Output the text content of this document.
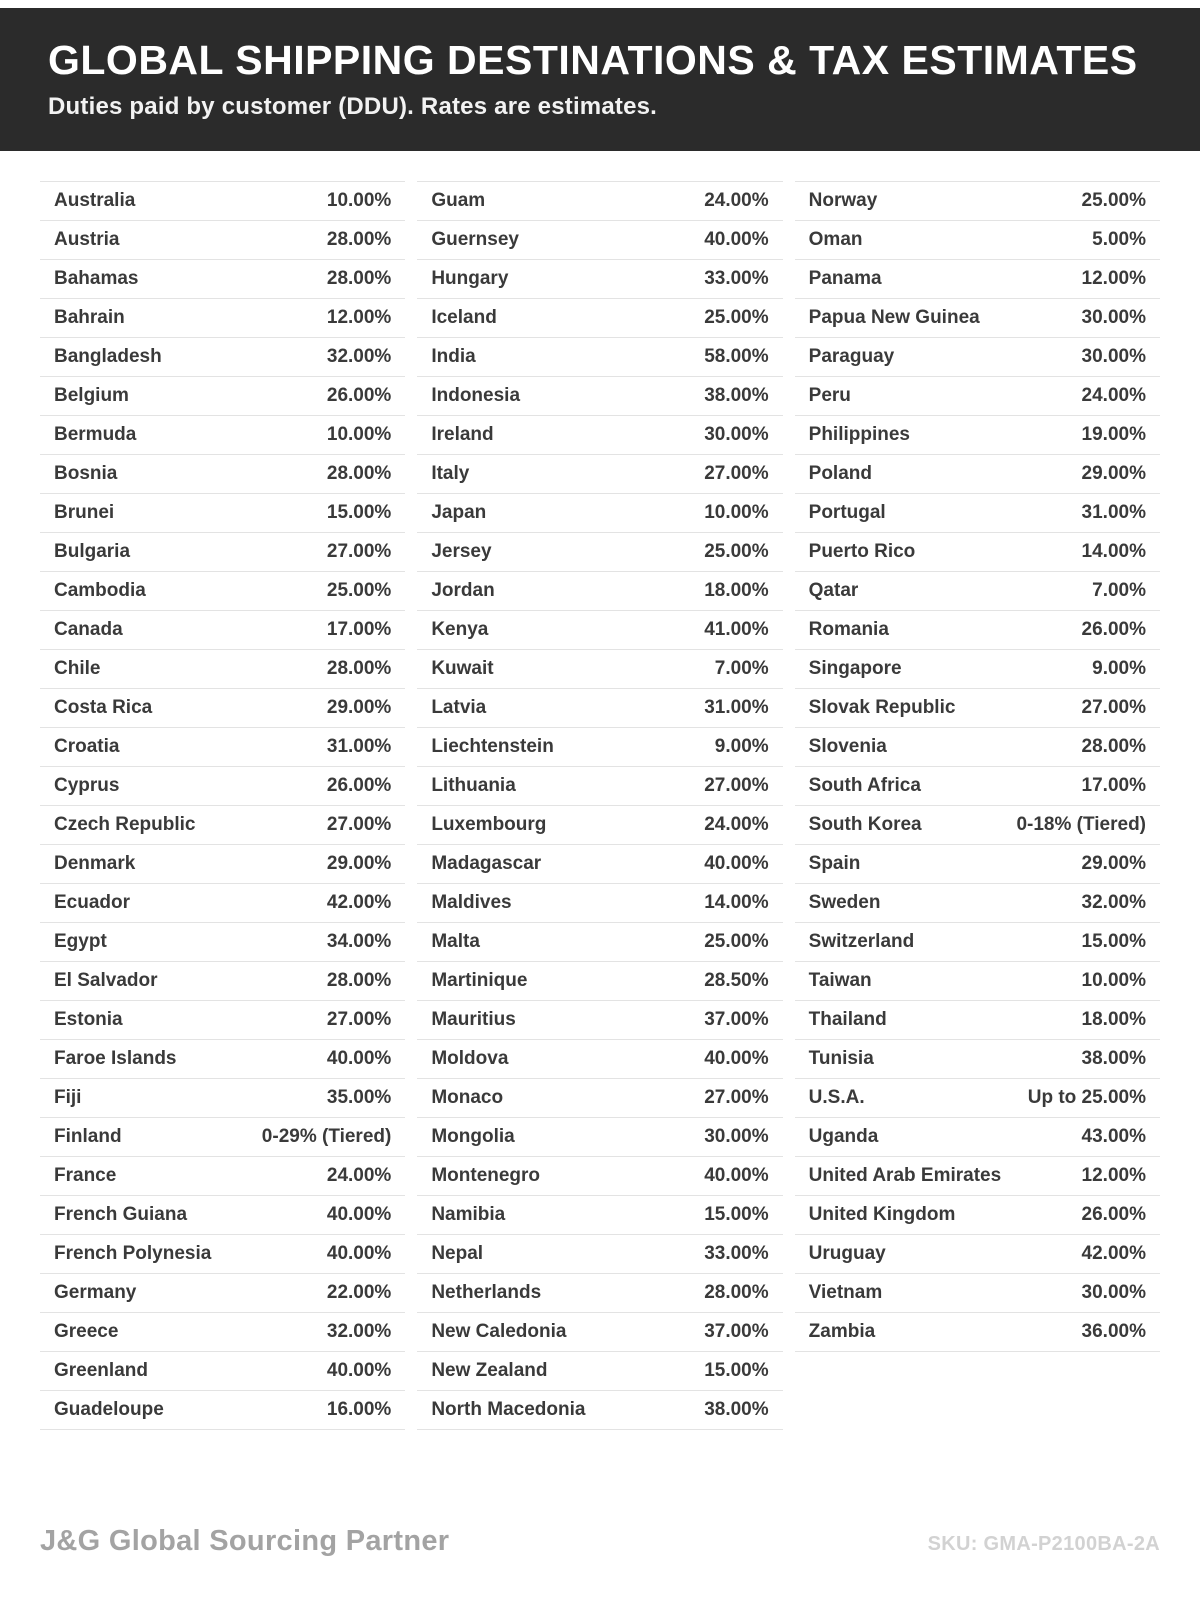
GLOBAL SHIPPING DESTINATIONS & TAX ESTIMATES

Duties paid by customer (DDU). Rates are estimates.

Australia	10.00%
Austria	28.00%
Bahamas	28.00%
Bahrain	12.00%
Bangladesh	32.00%
Belgium	26.00%
Bermuda	10.00%
Bosnia	28.00%
Brunei	15.00%
Bulgaria	27.00%
Cambodia	25.00%
Canada	17.00%
Chile	28.00%
Costa Rica	29.00%
Croatia	31.00%
Cyprus	26.00%
Czech Republic	27.00%
Denmark	29.00%
Ecuador	42.00%
Egypt	34.00%
El Salvador	28.00%
Estonia	27.00%
Faroe Islands	40.00%
Fiji	35.00%
Finland	0-29% (Tiered)
France	24.00%
French Guiana	40.00%
French Polynesia	40.00%
Germany	22.00%
Greece	32.00%
Greenland	40.00%
Guadeloupe	16.00%
Guam	24.00%
Guernsey	40.00%
Hungary	33.00%
Iceland	25.00%
India	58.00%
Indonesia	38.00%
Ireland	30.00%
Italy	27.00%
Japan	10.00%
Jersey	25.00%
Jordan	18.00%
Kenya	41.00%
Kuwait	7.00%
Latvia	31.00%
Liechtenstein	9.00%
Lithuania	27.00%
Luxembourg	24.00%
Madagascar	40.00%
Maldives	14.00%
Malta	25.00%
Martinique	28.50%
Mauritius	37.00%
Moldova	40.00%
Monaco	27.00%
Mongolia	30.00%
Montenegro	40.00%
Namibia	15.00%
Nepal	33.00%
Netherlands	28.00%
New Caledonia	37.00%
New Zealand	15.00%
North Macedonia	38.00%
Norway	25.00%
Oman	5.00%
Panama	12.00%
Papua New Guinea	30.00%
Paraguay	30.00%
Peru	24.00%
Philippines	19.00%
Poland	29.00%
Portugal	31.00%
Puerto Rico	14.00%
Qatar	7.00%
Romania	26.00%
Singapore	9.00%
Slovak Republic	27.00%
Slovenia	28.00%
South Africa	17.00%
South Korea	0-18% (Tiered)
Spain	29.00%
Sweden	32.00%
Switzerland	15.00%
Taiwan	10.00%
Thailand	18.00%
Tunisia	38.00%
U.S.A.	Up to 25.00%
Uganda	43.00%
United Arab Emirates	12.00%
United Kingdom	26.00%
Uruguay	42.00%
Vietnam	30.00%
Zambia	36.00%
J&G Global Sourcing Partner	SKU: GMA-P2100BA-2A
